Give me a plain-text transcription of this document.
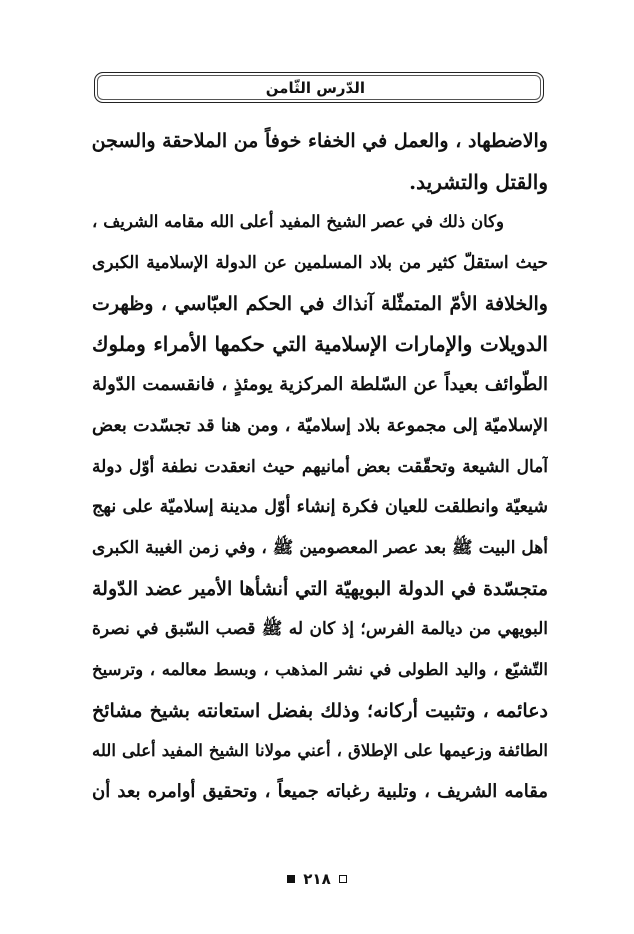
الدّرس الثّامن
والاضطهاد ، والعمل في الخفاء خوفاً من الملاحقة والسجن
والقتل والتشريد.
وكان ذلك في عصر الشيخ المفيد أعلى الله مقامه الشريف ،
حيث استقلّ كثير من بلاد المسلمين عن الدولة الإسلامية الكبرى
والخلافة الأمّ المتمثّلة آنذاك في الحكم العبّاسي ، وظهرت
الدويلات والإمارات الإسلامية التي حكمها الأمراء وملوك
الطّوائف بعيداً عن السّلطة المركزية يومئذٍ ، فانقسمت الدّولة
الإسلاميّة إلى مجموعة بلاد إسلاميّة ، ومن هنا قد تجسّدت بعض
آمال الشيعة وتحقّقت بعض أمانيهم حيث انعقدت نطفة أوّل دولة
شيعيّة وانطلقت للعيان فكرة إنشاء أوّل مدينة إسلاميّة على نهج
أهل البيت ﷺ بعد عصر المعصومين ﷺ ، وفي زمن الغيبة الكبرى
متجسّدة في الدولة البويهيّة التي أنشأها الأمير عضد الدّولة
البويهي من ديالمة الفرس؛ إذ كان له ﷺ قصب السّبق في نصرة
التّشيّع ، واليد الطولى في نشر المذهب ، وبسط معالمه ، وترسيخ
دعائمه ، وتثبيت أركانه؛ وذلك بفضل استعانته بشيخ مشائخ
الطائفة وزعيمها على الإطلاق ، أعني مولانا الشيخ المفيد أعلى الله
مقامه الشريف ، وتلبية رغباته جميعاً ، وتحقيق أوامره بعد أن
٢١٨
